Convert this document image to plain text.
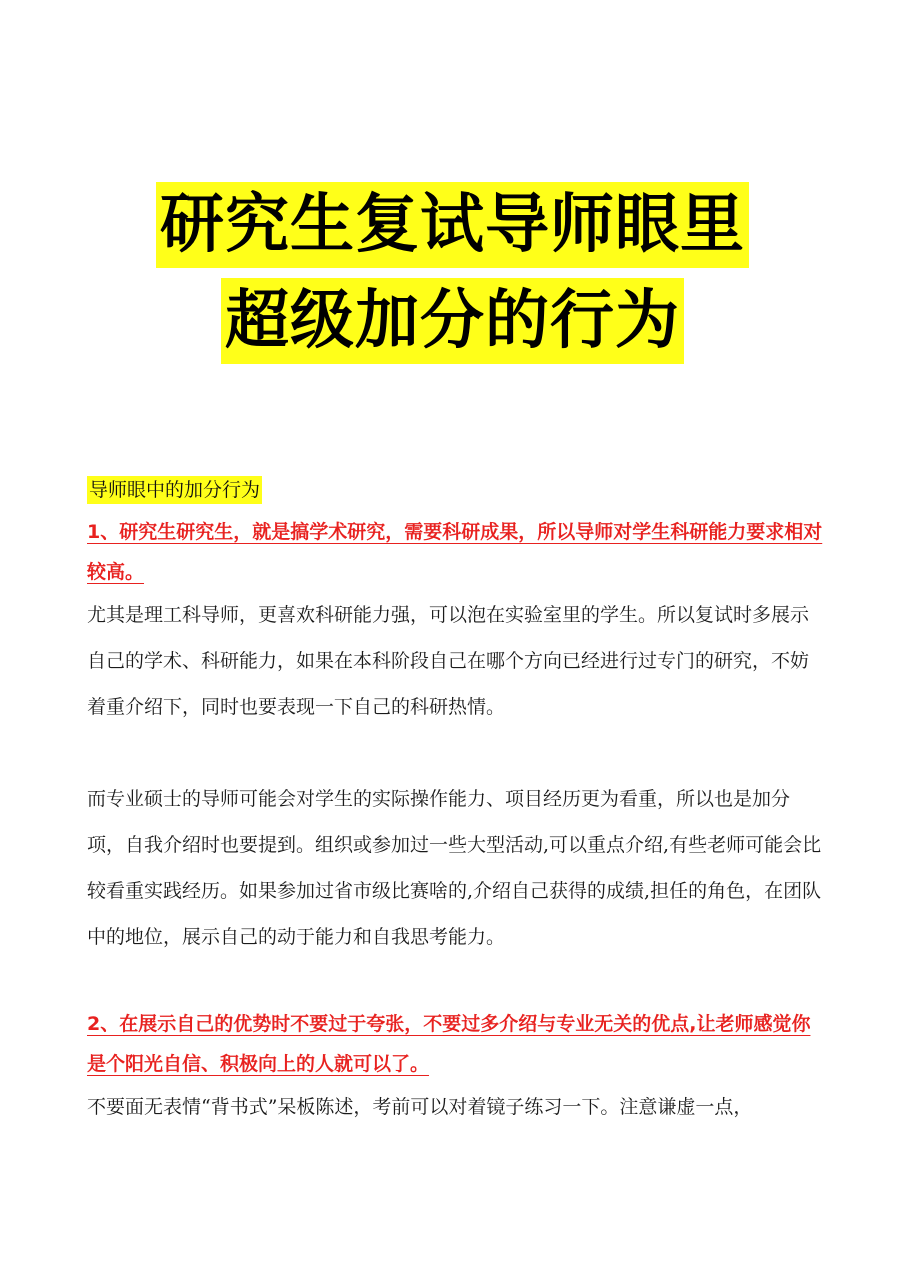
研究生复试导师眼里
超级加分的行为
导师眼中的加分行为

1、研究生研究生，就是搞学术研究，需要科研成果，所以导师对学生科研能力要求相对较高。

尤其是理工科导师，更喜欢科研能力强，可以泡在实验室里的学生。所以复试时多展示自己的学术、科研能力，如果在本科阶段自己在哪个方向已经进行过专门的研究，不妨着重介绍下，同时也要表现一下自己的科研热情。

而专业硕士的导师可能会对学生的实际操作能力、项目经历更为看重，所以也是加分项，自我介绍时也要提到。组织或参加过一些大型活动,可以重点介绍,有些老师可能会比较看重实践经历。如果参加过省市级比赛啥的,介绍自己获得的成绩,担任的角色，在团队中的地位，展示自己的动于能力和自我思考能力。

2、在展示自己的优势时不要过于夸张，不要过多介绍与专业无关的优点,让老师感觉你是个阳光自信、积极向上的人就可以了。

不要面无表情“背书式”呆板陈述，考前可以对着镜子练习一下。注意谦虚一点，
